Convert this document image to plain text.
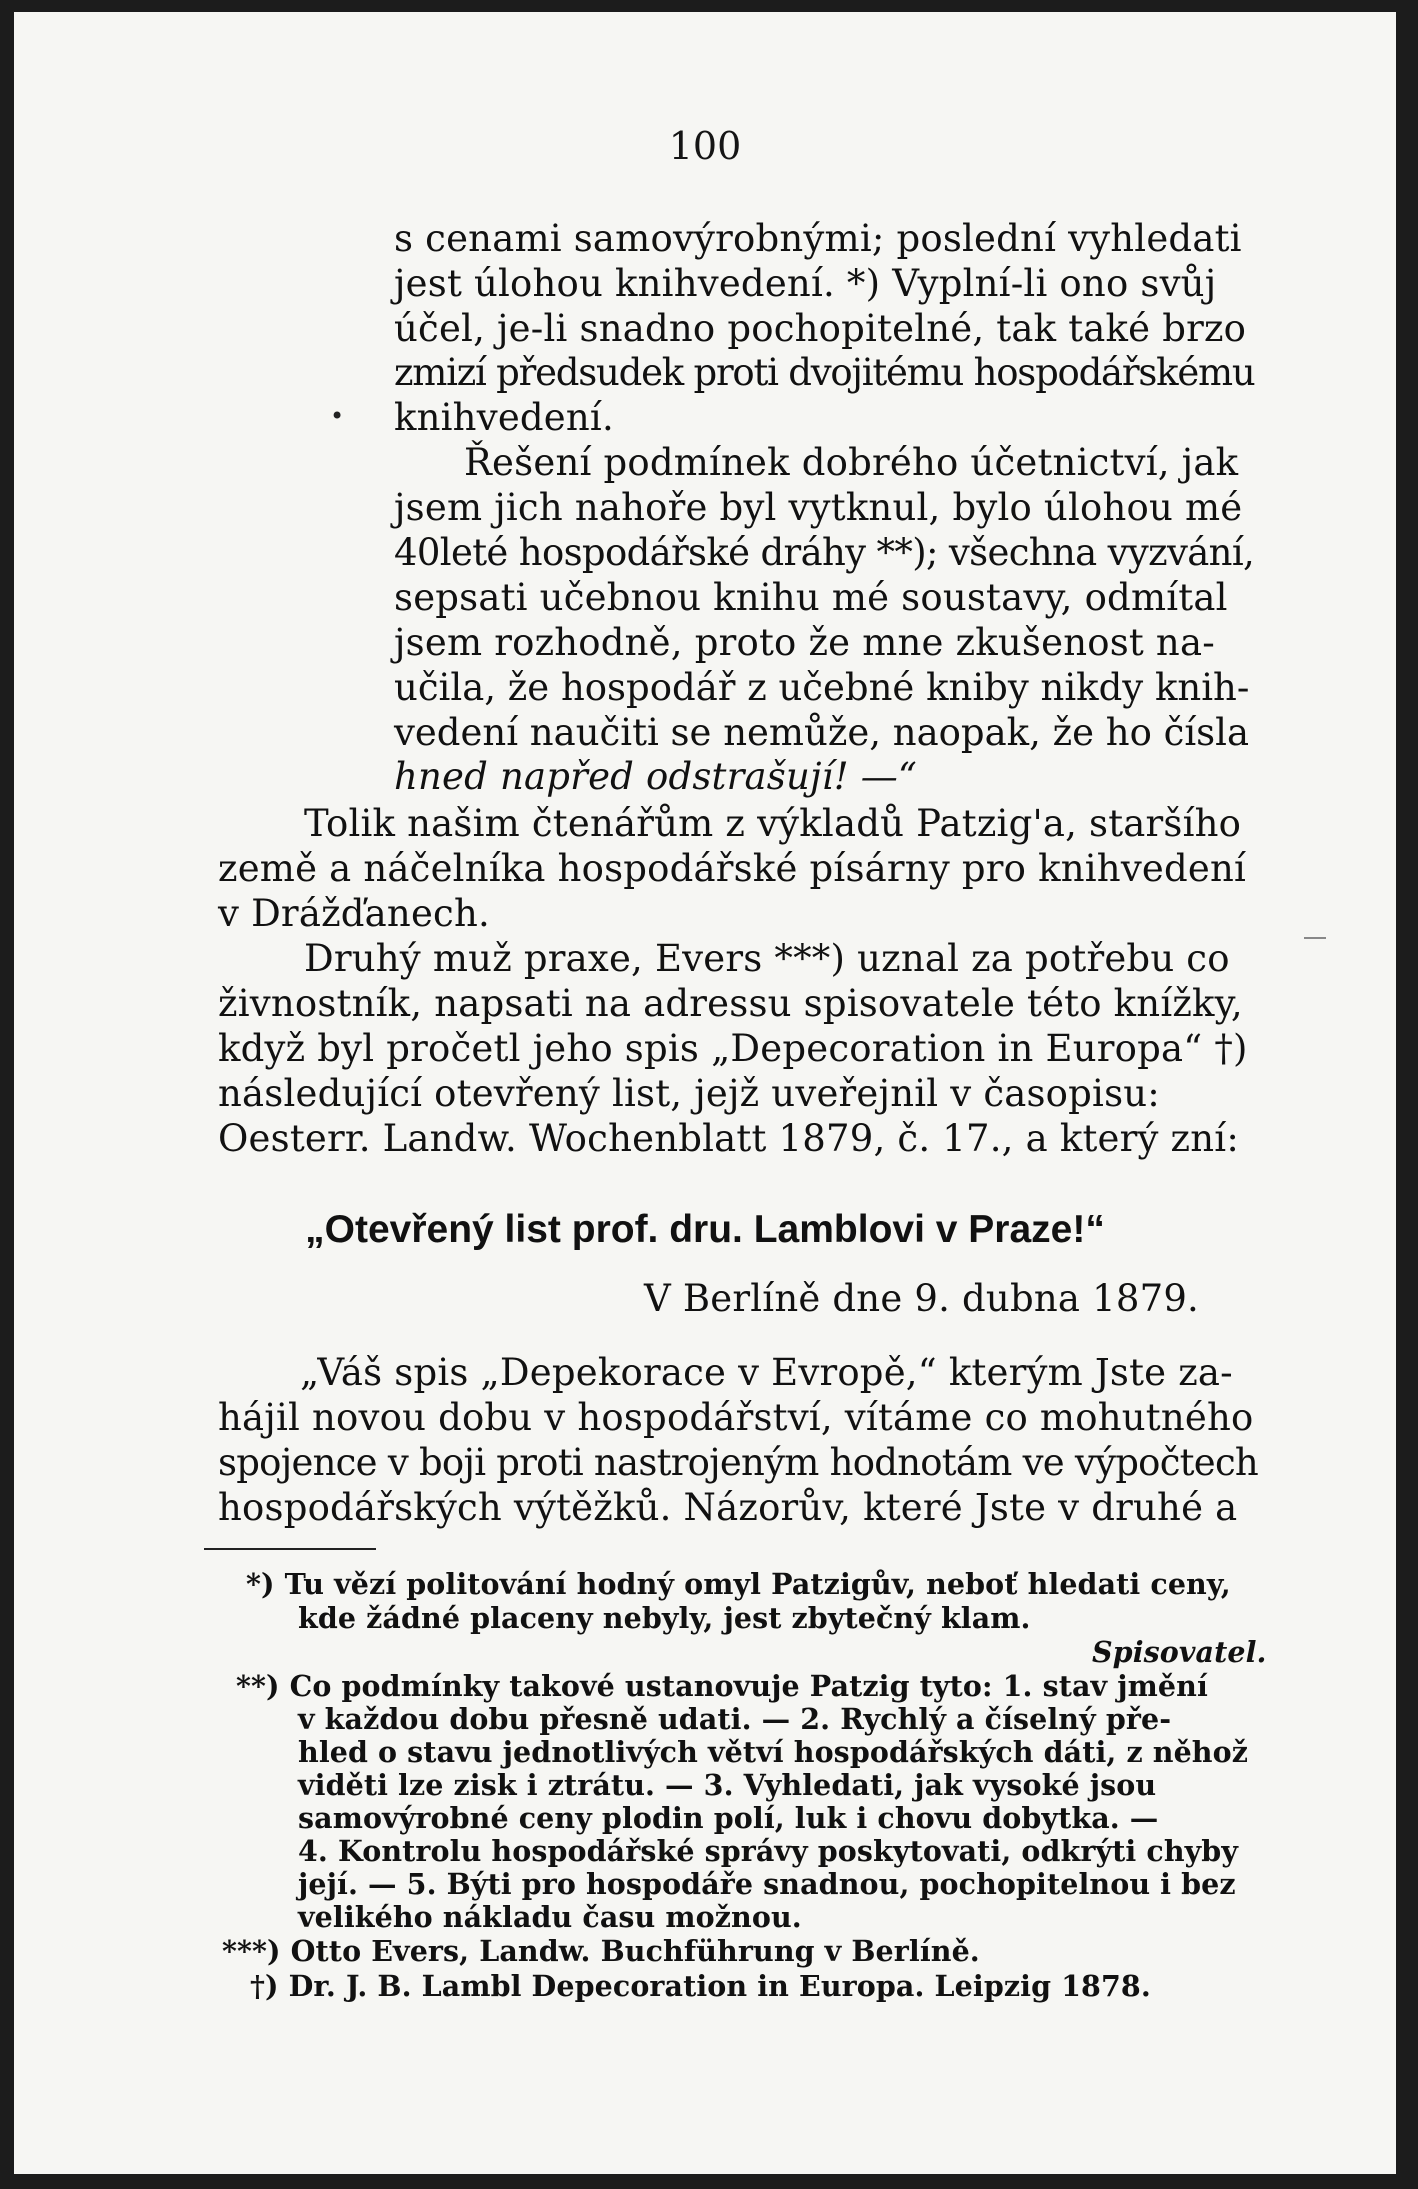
100
•

s cenami samovýrobnými; poslední vyhledati

jest úlohou knihvedení. *) Vyplní-li ono svůj

účel, je-li snadno pochopitelné, tak také brzo

zmizí předsudek proti dvojitému hospodářskému

knihvedení.

Řešení podmínek dobrého účetnictví, jak

jsem jich nahoře byl vytknul, bylo úlohou mé

40leté hospodářské dráhy **); všechna vyzvání,

sepsati učebnou knihu mé soustavy, odmítal

jsem rozhodně, proto že mne zkušenost na-

učila, že hospodář z učebné kniby nikdy knih-

vedení naučiti se nemůže, naopak, že ho čísla

hned napřed odstrašují! —“

Tolik našim čtenářům z výkladů Patzig'a, staršího

země a náčelníka hospodářské písárny pro knihvedení

v Drážďanech.

Druhý muž praxe, Evers ***) uznal za potřebu co

živnostník, napsati na adressu spisovatele této knížky,

když byl pročetl jeho spis „Depecoration in Europa“ †)

následující otevřený list, jejž uveřejnil v časopisu:

Oesterr. Landw. Wochenblatt 1879, č. 17., a který zní:

„Otevřený list prof. dru. Lamblovi v Praze!“

V Berlíně dne 9. dubna 1879.

„Váš spis „Depekorace v Evropě,“ kterým Jste za-

hájil novou dobu v hospodářství, vítáme co mohutného

spojence v boji proti nastrojeným hodnotám ve výpočtech

hospodářských výtěžků. Názorův, které Jste v druhé a

*) Tu vězí politování hodný omyl Patzigův, neboť hledati ceny,

kde žádné placeny nebyly, jest zbytečný klam.

Spisovatel.

**) Co podmínky takové ustanovuje Patzig tyto: 1. stav jmění

v každou dobu přesně udati. — 2. Rychlý a číselný pře-

hled o stavu jednotlivých větví hospodářských dáti, z něhož

viděti lze zisk i ztrátu. — 3. Vyhledati, jak vysoké jsou

samovýrobné ceny plodin polí, luk i chovu dobytka. —

4. Kontrolu hospodářské správy poskytovati, odkrýti chyby

její. — 5. Býti pro hospodáře snadnou, pochopitelnou i bez

velikého nákladu času možnou.

***) Otto Evers, Landw. Buchführung v Berlíně.

†) Dr. J. B. Lambl Depecoration in Europa. Leipzig 1878.
